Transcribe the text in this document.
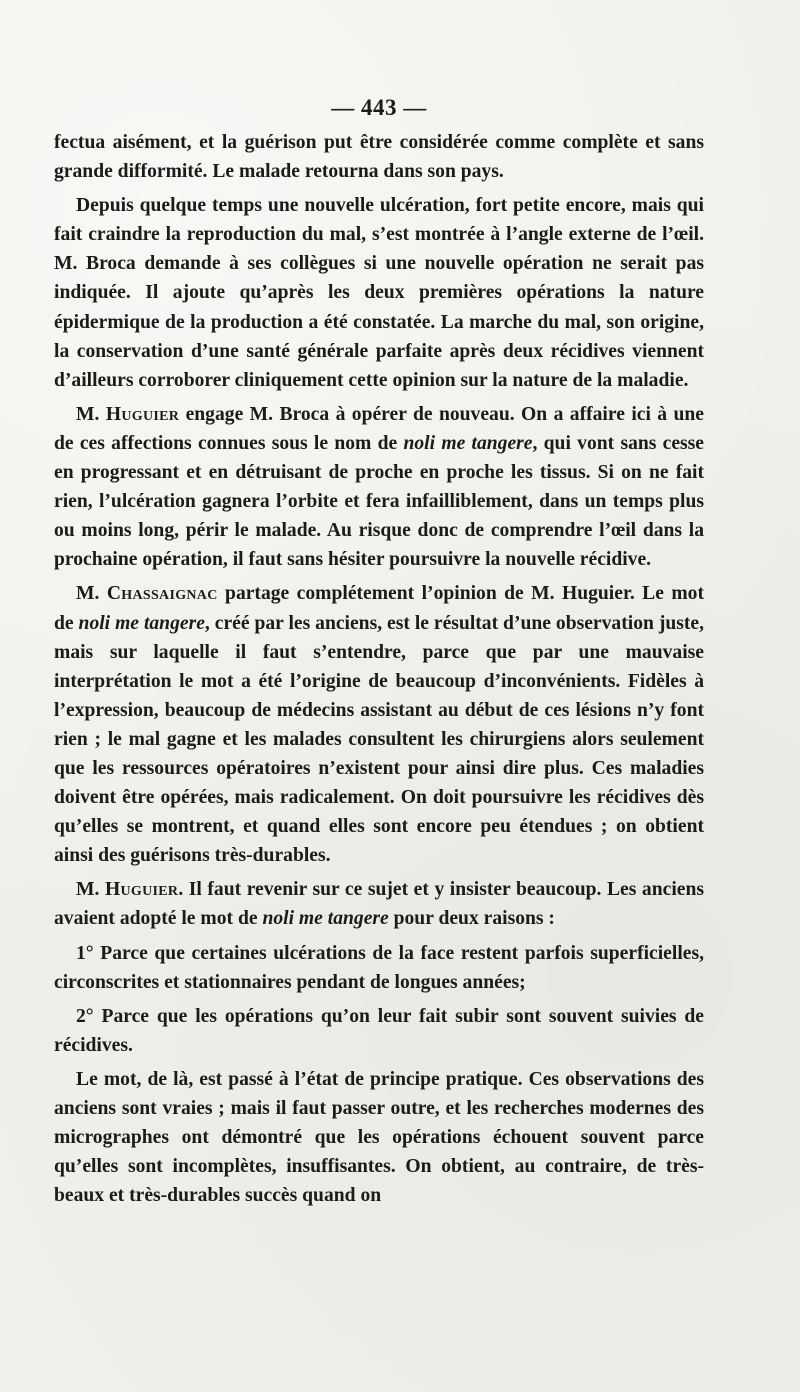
— 443 —

fectua aisément, et la guérison put être considérée comme complète et sans grande difformité. Le malade retourna dans son pays.

Depuis quelque temps une nouvelle ulcération, fort petite encore, mais qui fait craindre la reproduction du mal, s’est montrée à l’angle externe de l’œil. M. Broca demande à ses collègues si une nouvelle opération ne serait pas indiquée. Il ajoute qu’après les deux premières opérations la nature épidermique de la production a été constatée. La marche du mal, son origine, la conservation d’une santé générale parfaite après deux récidives viennent d’ailleurs corroborer cliniquement cette opinion sur la nature de la maladie.

M. Huguier engage M. Broca à opérer de nouveau. On a affaire ici à une de ces affections connues sous le nom de noli me tangere, qui vont sans cesse en progressant et en détruisant de proche en proche les tissus. Si on ne fait rien, l’ulcération gagnera l’orbite et fera infailliblement, dans un temps plus ou moins long, périr le malade. Au risque donc de comprendre l’œil dans la prochaine opération, il faut sans hésiter poursuivre la nouvelle récidive.

M. Chassaignac partage complétement l’opinion de M. Huguier. Le mot de noli me tangere, créé par les anciens, est le résultat d’une observation juste, mais sur laquelle il faut s’entendre, parce que par une mauvaise interprétation le mot a été l’origine de beaucoup d’inconvénients. Fidèles à l’expression, beaucoup de médecins assistant au début de ces lésions n’y font rien ; le mal gagne et les malades consultent les chirurgiens alors seulement que les ressources opératoires n’existent pour ainsi dire plus. Ces maladies doivent être opérées, mais radicalement. On doit poursuivre les récidives dès qu’elles se montrent, et quand elles sont encore peu étendues ; on obtient ainsi des guérisons très-durables.

M. Huguier. Il faut revenir sur ce sujet et y insister beaucoup. Les anciens avaient adopté le mot de noli me tangere pour deux raisons :

1° Parce que certaines ulcérations de la face restent parfois superficielles, circonscrites et stationnaires pendant de longues années;

2° Parce que les opérations qu’on leur fait subir sont souvent suivies de récidives.

Le mot, de là, est passé à l’état de principe pratique. Ces observations des anciens sont vraies ; mais il faut passer outre, et les recherches modernes des micrographes ont démontré que les opérations échouent souvent parce qu’elles sont incomplètes, insuffisantes. On obtient, au contraire, de très-beaux et très-durables succès quand on
